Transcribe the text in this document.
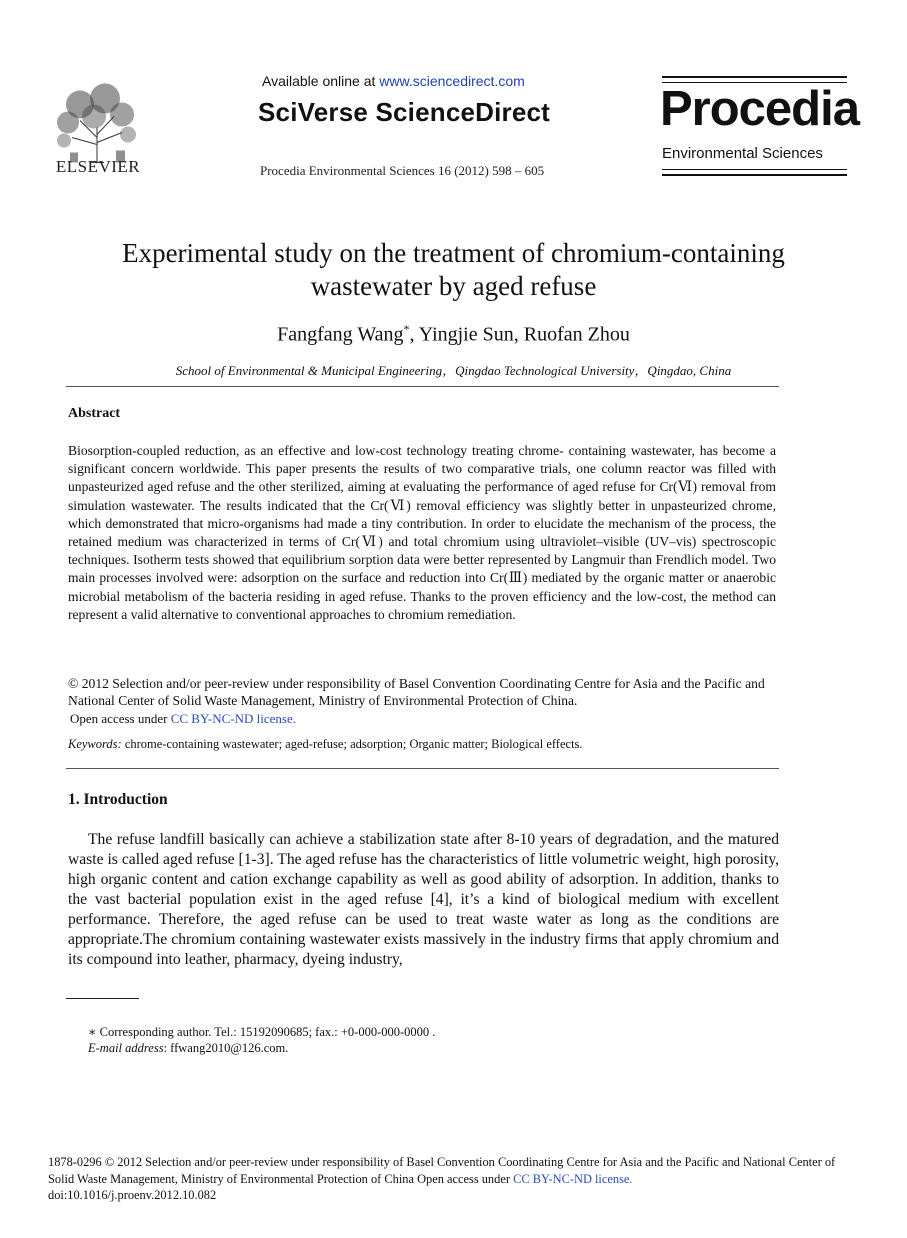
ELSEVIER
Available online at www.sciencedirect.com
SciVerse ScienceDirect
Procedia Environmental Sciences 16 (2012) 598 – 605
Procedia
Environmental Sciences
Experimental study on the treatment of chromium-containing
wastewater by aged refuse
Fangfang Wang*, Yingjie Sun, Ruofan Zhou
School of Environmental & Municipal Engineering，Qingdao Technological University，Qingdao, China
Abstract
Biosorption-coupled reduction, as an effective and low-cost technology treating chrome- containing wastewater, has become a significant concern worldwide. This paper presents the results of two comparative trials, one column reactor was filled with unpasteurized aged refuse and the other sterilized, aiming at evaluating the performance of aged refuse for Cr(Ⅵ) removal from simulation wastewater. The results indicated that the Cr(Ⅵ) removal efficiency was slightly better in unpasteurized chrome, which demonstrated that micro-organisms had made a tiny contribution. In order to elucidate the mechanism of the process, the retained medium was characterized in terms of Cr(Ⅵ) and total chromium using ultraviolet–visible (UV–vis) spectroscopic techniques. Isotherm tests showed that equilibrium sorption data were better represented by Langmuir than Frendlich model. Two main processes involved were: adsorption on the surface and reduction into Cr(Ⅲ) mediated by the organic matter or anaerobic microbial metabolism of the bacteria residing in aged refuse. Thanks to the proven efficiency and the low-cost, the method can represent a valid alternative to conventional approaches to chromium remediation.
© 2012 Selection and/or peer-review under responsibility of Basel Convention Coordinating Centre for Asia and the Pacific and National Center of Solid Waste Management, Ministry of Environmental Protection of China.
Open access under CC BY-NC-ND license.
Keywords: chrome-containing wastewater; aged-refuse; adsorption; Organic matter; Biological effects.
1. Introduction
The refuse landfill basically can achieve a stabilization state after 8-10 years of degradation, and the matured waste is called aged refuse [1-3]. The aged refuse has the characteristics of little volumetric weight, high porosity, high organic content and cation exchange capability as well as good ability of adsorption. In addition, thanks to the vast bacterial population exist in the aged refuse [4], it’s a kind of biological medium with excellent performance. Therefore, the aged refuse can be used to treat waste water as long as the conditions are appropriate.The chromium containing wastewater exists massively in the industry firms that apply chromium and its compound into leather, pharmacy, dyeing industry,
∗ Corresponding author. Tel.: 15192090685; fax.: +0-000-000-0000 .
E-mail address: ffwang2010@126.com.
1878-0296 © 2012 Selection and/or peer-review under responsibility of Basel Convention Coordinating Centre for Asia and the Pacific and National Center of Solid Waste Management, Ministry of Environmental Protection of China Open access under CC BY-NC-ND license.
doi:10.1016/j.proenv.2012.10.082
